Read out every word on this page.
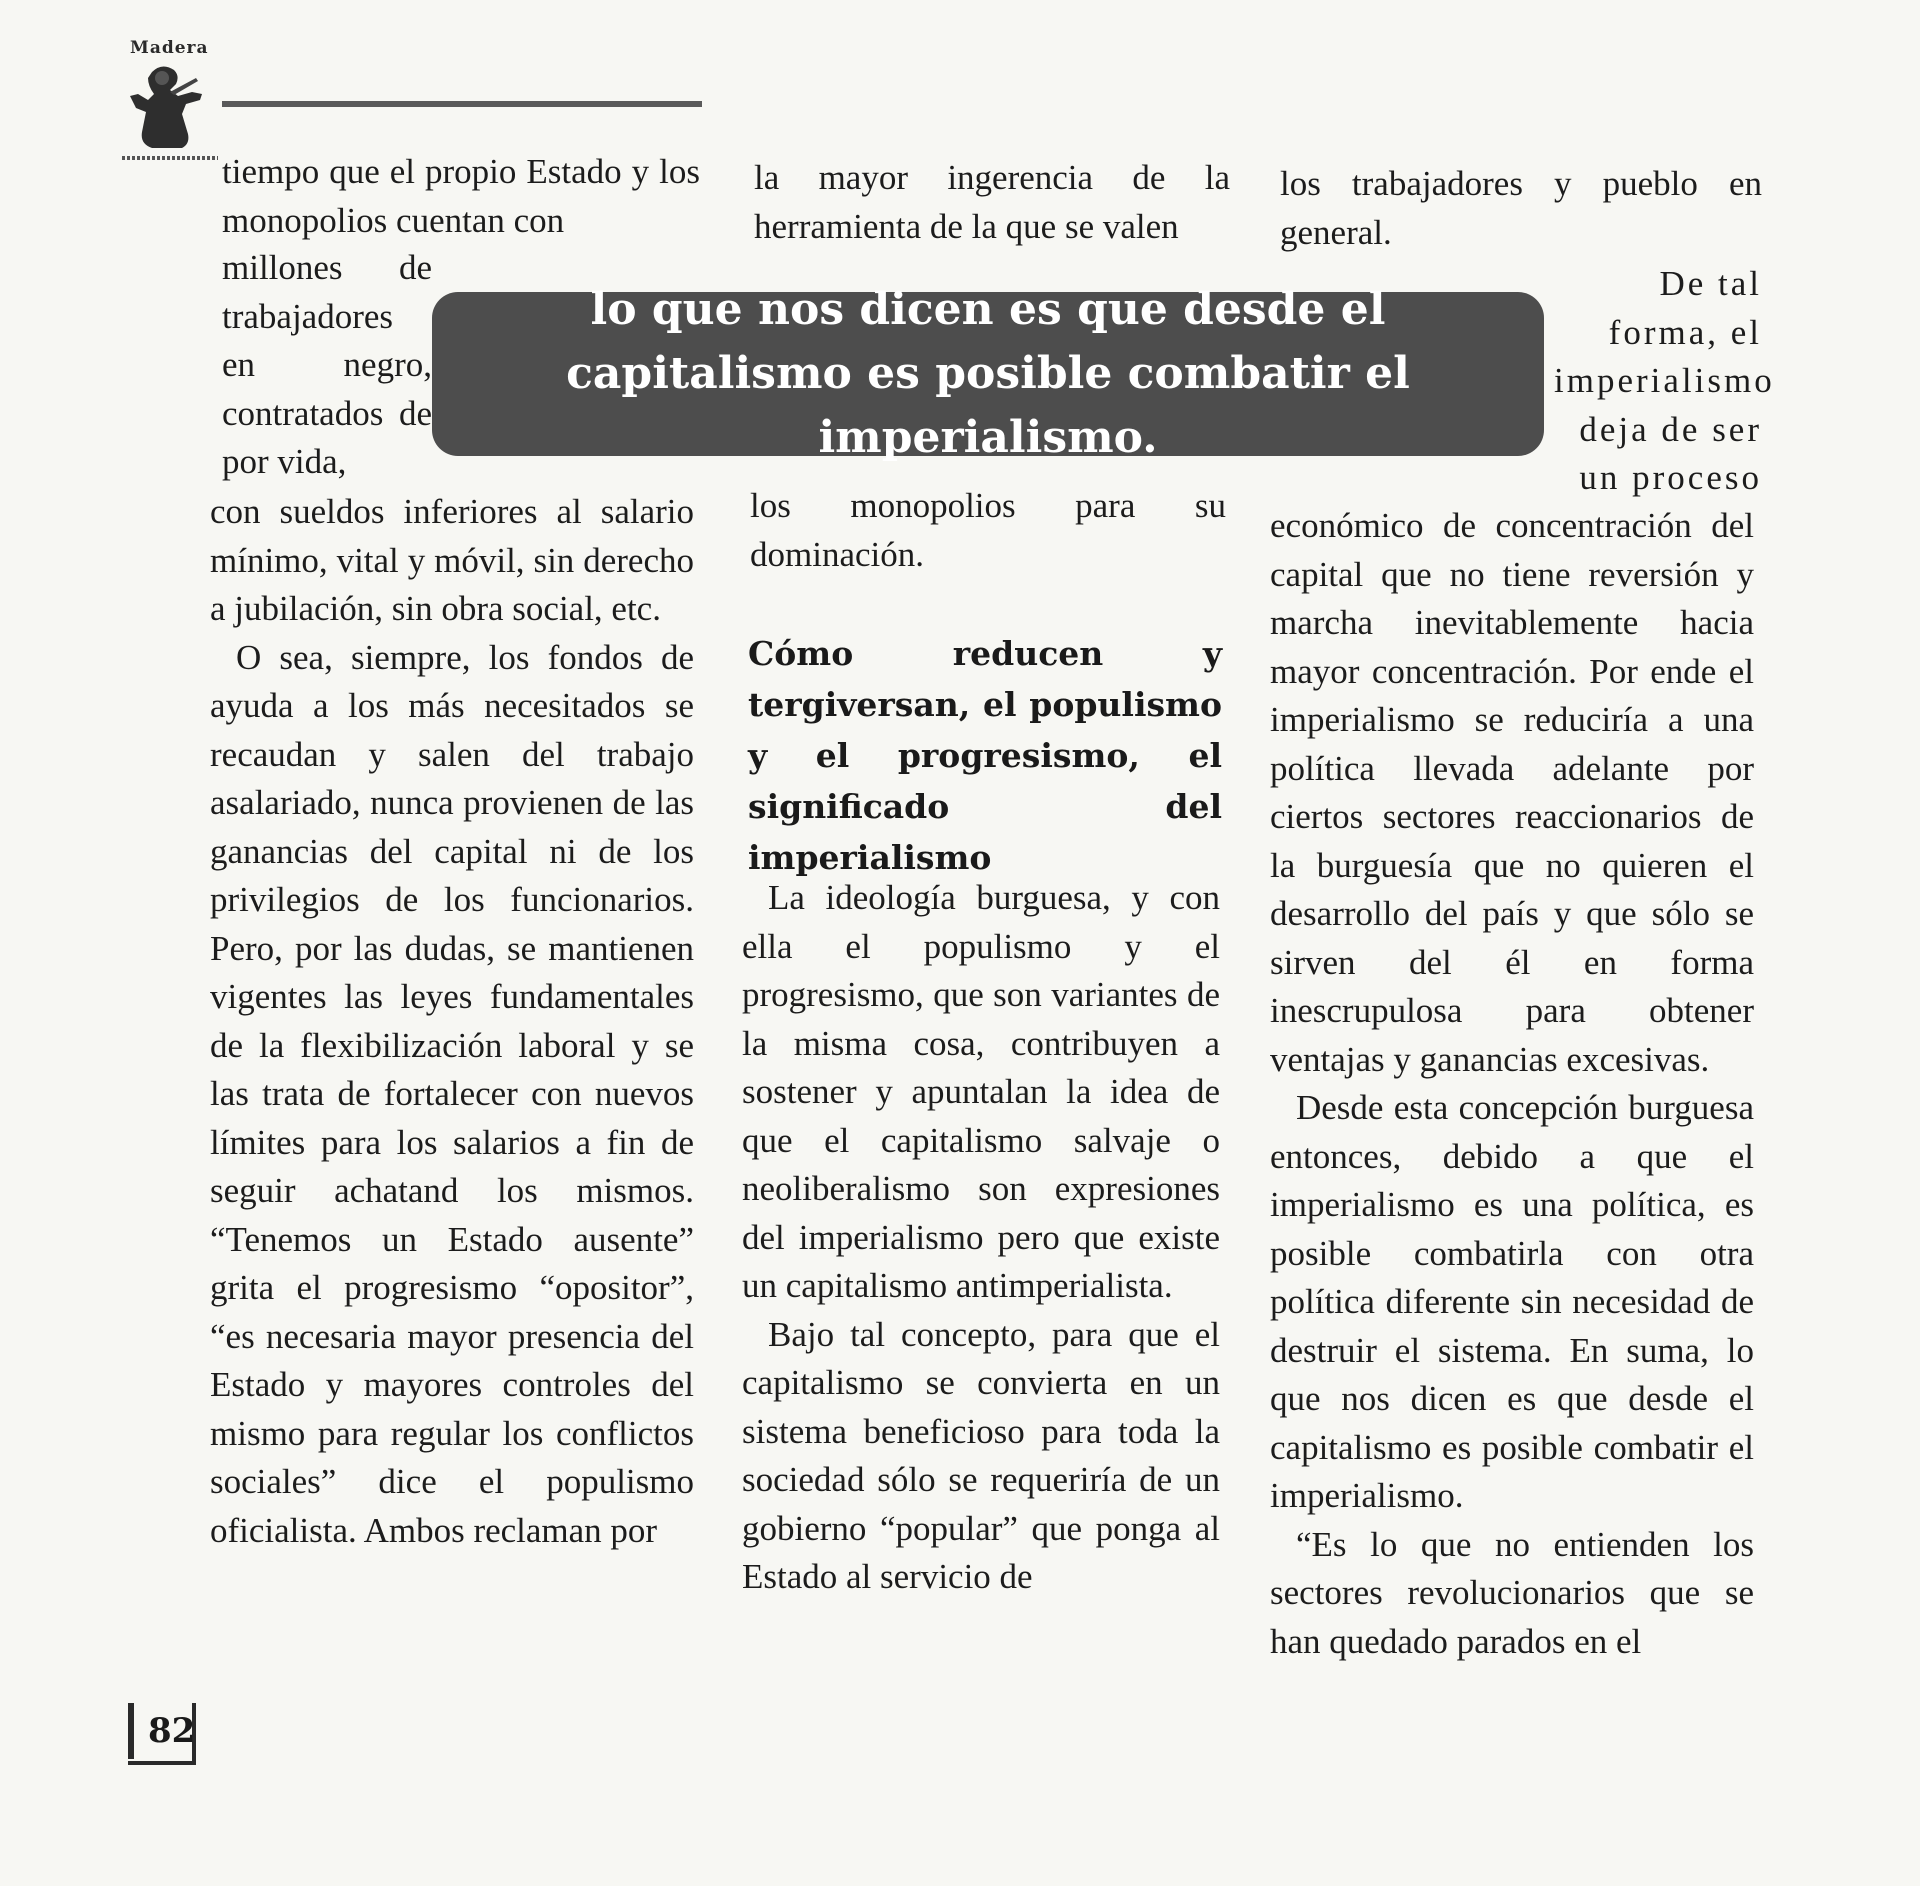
Madera

tiempo que el propio Estado y los monopolios cuentan con

millones de trabajadores en negro, contratados de por vida,

con sueldos inferiores al salario mínimo, vital y móvil, sin derecho a jubilación, sin obra social, etc.

O sea, siempre, los fondos de ayuda a los más necesitados se recaudan y salen del trabajo asalariado, nunca provienen de las ganancias del capital ni de los privilegios de los funcionarios. Pero, por las dudas, se mantienen vigentes las leyes fundamentales de la flexibilización laboral y se las trata de fortalecer con nuevos límites para los salarios a fin de seguir achatand los mismos. “Tenemos un Estado ausente” grita el progresismo “opositor”, “es necesaria mayor presencia del Estado y mayores controles del mismo para regular los conflictos sociales” dice el populismo oficialista. Ambos reclaman por

la mayor ingerencia de la herramienta de la que se valen

los monopolios para su dominación.

Cómo reducen y tergiversan, el populismo y el progresismo, el significado del imperialismo

La ideología burguesa, y con ella el populismo y el progresismo, que son variantes de la misma cosa, contribuyen a sostener y apuntalan la idea de que el capitalismo salvaje o neoliberalismo son expresiones del imperialismo pero que existe un capitalismo antimperialista.

Bajo tal concepto, para que el capitalismo se convierta en un sistema beneficioso para toda la sociedad sólo se requeriría de un gobierno “popular” que ponga al Estado al servicio de

los trabajadores y pueblo en general.

De tal forma, el imperialismo deja de ser un proceso

económico de concentración del capital que no tiene reversión y marcha inevitablemente hacia mayor concentración. Por ende el imperialismo se reduciría a una política llevada adelante por ciertos sectores reaccionarios de la burguesía que no quieren el desarrollo del país y que sólo se sirven del él en forma inescrupulosa para obtener ventajas y ganancias excesivas.

Desde esta concepción burguesa entonces, debido a que el imperialismo es una política, es posible combatirla con otra política diferente sin necesidad de destruir el sistema. En suma, lo que nos dicen es que desde el capitalismo es posible combatir el imperialismo.

“Es lo que no entienden los sectores revolucionarios que se han quedado parados en el

lo que nos dicen es que desde el capitalismo es posible combatir el imperialismo.
82
